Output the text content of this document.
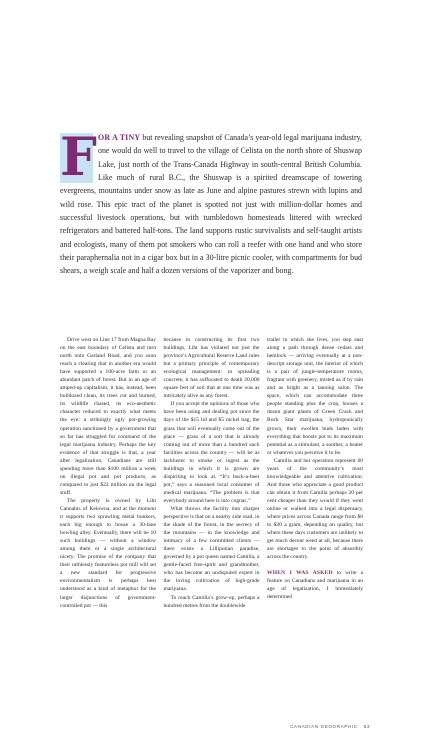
F OR A TINY but revealing snapshot of Canada’s year-old legal marijuana industry, one would do well to travel to the village of Celista on the north shore of Shuswap Lake, just north of the Trans-Canada Highway in south-central British Columbia. Like much of rural B.C., the Shuswap is a spirited dreamscape of towering evergreens, mountains under snow as late as June and alpine pastures strewn with lupins and wild rose. This epic tract of the planet is spotted not just with million-dollar homes and successful livestock operations, but with tumbledown homesteads littered with wrecked refrigerators and battered half-tons. The land supports rustic survivalists and self-taught artists and ecologists, many of them pot smokers who can roll a reefer with one hand and who store their paraphernalia not in a cigar box but in a 30-litre picnic cooler, with compartments for bud shears, a weigh scale and half a dozen versions of the vaporizer and bong.

Drive west on Line 17 from Magna Bay on the east boundary of Celista and turn north onto Garland Road, and you soon reach a clearing that in another era would have supported a 100-acre farm or an abundant patch of forest. But in an age of amped-up capitalism, it has, instead, been bulldozed clean, its trees cut and burned, its wildlife chased, its eco-aesthetic character reduced to exactly what meets the eye: a strikingly ugly pot-growing operation sanctioned by a government that so far has struggled for command of the legal marijuana industry. Perhaps the key evidence of that struggle is that, a year after legalization, Canadians are still spending more than $100 million a week on illegal pot and pot products, as compared to just $22 million on the legal stuff.

The property is owned by Liht Cannabis of Kelowna, and at the moment it supports two sprawling metal bunkers, each big enough to house a 30-lane bowling alley. Eventually, there will be 10 such buildings — without a window among them or a single architectural nicety. The promise of the company that their ruthlessly featureless pot mill will set a new standard for progressive environmentalism is perhaps best understood as a kind of metaphor for the larger disjunctions of government-controlled pot — this

because in constructing its first two buildings, Liht has violated not just the province’s Agricultural Reserve Land rules but a primary principle of contemporary ecological management: in spreading concrete, it has suffocated to death 20,000 square feet of soil that at one time was as intricately alive as any forest.

If you accept the opinions of those who have been using and dealing pot since the days of the $15 lid and $5 nickel bag, the grass that will eventually come out of the place — grass of a sort that is already coming out of more than a hundred such facilities across the country — will be as lackluster to smoke or ingest as the buildings in which it is grown are dispiriting to look at. “It’s buck-a-beer pot,” says a seasoned local consumer of medical marijuana. “The problem is that everybody around here is into cognac.”

What throws the facility into sharper perspective is that on a nearby side road, in the shade of the forest, in the secrecy of the mountains — in the knowledge and intimacy of a few committed clients — there exists a Lilliputian paradise, governed by a pot queen named Camilla, a gentle-faced free-spirit and grandmother, who has become an undisputed expert in the loving cultivation of high-grade marijuana.

To reach Camilla’s grow-op, perhaps a hundred metres from the doublewide

trailer in which she lives, you step east along a path through dense cedars and hemlock — arriving eventually at a non-descript storage unit, the interior of which is a pair of jungle-temperature rooms, fragrant with greenery, misted as if by rain and as bright as a tanning salon. The space, which can accommodate three people standing plus the crop, houses a dozen giant plants of Green Crack and Rock Star marijuana, hydroponically grown, their swollen buds laden with everything that boosts pot to its maximum potential as a stimulant, a soother, a healer or whatever you perceive it to be.

Camilla and her operation represent 60 years of the community’s most knowledgeable and attentive cultivation. And those who appreciate a good product can obtain it from Camilla perhaps 20 per cent cheaper than they would if they went online or walked into a legal dispensary, where prices across Canada range from $6 to $20 a gram, depending on quality, but where these days customers are unlikely to get much decent weed at all, because there are shortages to the point of absurdity across the country.

WHEN I WAS ASKED to write a feature on Canadians and marijuana in an age of legalization, I immediately determined

CANADIAN GEOGRAPHIC 53
